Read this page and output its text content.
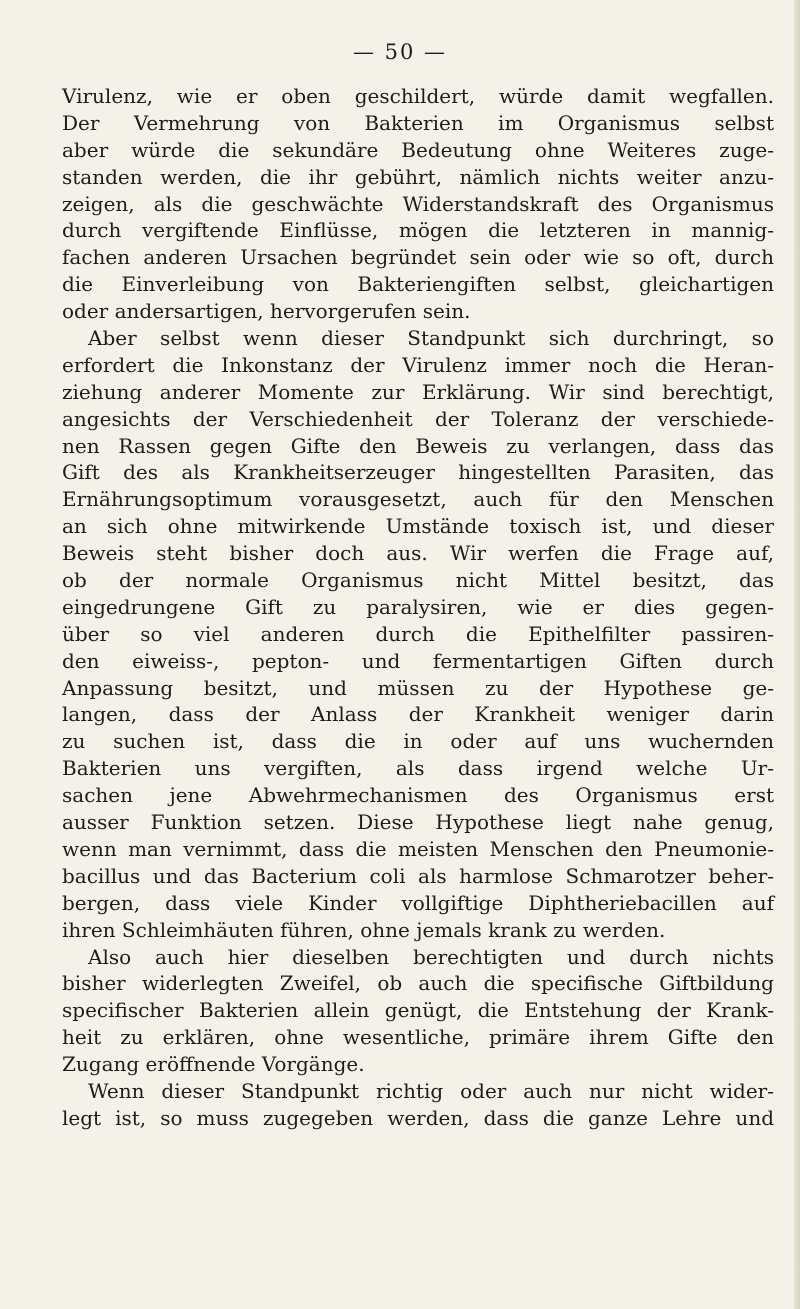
— 50 —
Virulenz, wie er oben geschildert, würde damit wegfallen.
Der Vermehrung von Bakterien im Organismus selbst
aber würde die sekundäre Bedeutung ohne Weiteres zuge-
standen werden, die ihr gebührt, nämlich nichts weiter anzu-
zeigen, als die geschwächte Widerstandskraft des Organismus
durch vergiftende Einflüsse, mögen die letzteren in mannig-
fachen anderen Ursachen begründet sein oder wie so oft, durch
die Einverleibung von Bakteriengiften selbst, gleichartigen
oder andersartigen, hervorgerufen sein.
Aber selbst wenn dieser Standpunkt sich durchringt, so
erfordert die Inkonstanz der Virulenz immer noch die Heran-
ziehung anderer Momente zur Erklärung. Wir sind berechtigt,
angesichts der Verschiedenheit der Toleranz der verschiede-
nen Rassen gegen Gifte den Beweis zu verlangen, dass das
Gift des als Krankheitserzeuger hingestellten Parasiten, das
Ernährungsoptimum vorausgesetzt, auch für den Menschen
an sich ohne mitwirkende Umstände toxisch ist, und dieser
Beweis steht bisher doch aus. Wir werfen die Frage auf,
ob der normale Organismus nicht Mittel besitzt, das
eingedrungene Gift zu paralysiren, wie er dies gegen-
über so viel anderen durch die Epithelfilter passiren-
den eiweiss-, pepton- und fermentartigen Giften durch
Anpassung besitzt, und müssen zu der Hypothese ge-
langen, dass der Anlass der Krankheit weniger darin
zu suchen ist, dass die in oder auf uns wuchernden
Bakterien uns vergiften, als dass irgend welche Ur-
sachen jene Abwehrmechanismen des Organismus erst
ausser Funktion setzen. Diese Hypothese liegt nahe genug,
wenn man vernimmt, dass die meisten Menschen den Pneumonie-
bacillus und das Bacterium coli als harmlose Schmarotzer beher-
bergen, dass viele Kinder vollgiftige Diphtheriebacillen auf
ihren Schleimhäuten führen, ohne jemals krank zu werden.
Also auch hier dieselben berechtigten und durch nichts
bisher widerlegten Zweifel, ob auch die specifische Giftbildung
specifischer Bakterien allein genügt, die Entstehung der Krank-
heit zu erklären, ohne wesentliche, primäre ihrem Gifte den
Zugang eröffnende Vorgänge.
Wenn dieser Standpunkt richtig oder auch nur nicht wider-
legt ist, so muss zugegeben werden, dass die ganze Lehre und
